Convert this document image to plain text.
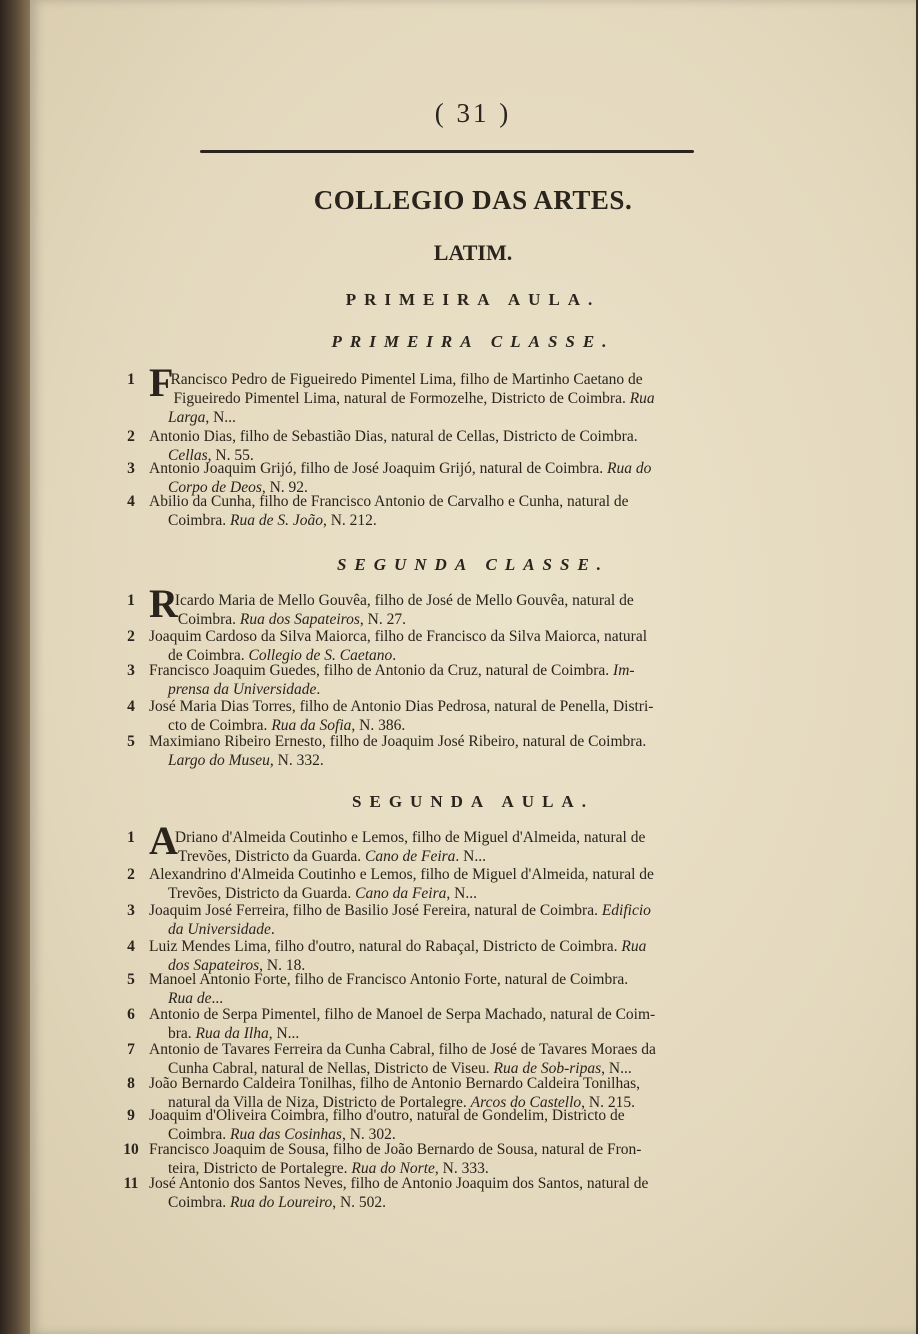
( 31 )
COLLEGIO DAS ARTES.
LATIM.
PRIMEIRA AULA.
PRIMEIRA CLASSE.
1 F
Rancisco Pedro de Figueiredo Pimentel Lima, filho de Martinho Caetano de
Figueiredo Pimentel Lima, natural de Formozelhe, Districto de Coimbra. Rua
Larga, N...
2 Antonio Dias, filho de Sebastião Dias, natural de Cellas, Districto de Coimbra.
Cellas, N. 55.
3 Antonio Joaquim Grijó, filho de José Joaquim Grijó, natural de Coimbra. Rua do
Corpo de Deos, N. 92.
4 Abilio da Cunha, filho de Francisco Antonio de Carvalho e Cunha, natural de
Coimbra. Rua de S. João, N. 212.
SEGUNDA CLASSE.
1 R
Icardo Maria de Mello Gouvêa, filho de José de Mello Gouvêa, natural de
Coimbra. Rua dos Sapateiros, N. 27.
2 Joaquim Cardoso da Silva Maiorca, filho de Francisco da Silva Maiorca, natural
de Coimbra. Collegio de S. Caetano.
3 Francisco Joaquim Guedes, filho de Antonio da Cruz, natural de Coimbra. Im-
prensa da Universidade.
4 José Maria Dias Torres, filho de Antonio Dias Pedrosa, natural de Penella, Distri-
cto de Coimbra. Rua da Sofia, N. 386.
5 Maximiano Ribeiro Ernesto, filho de Joaquim José Ribeiro, natural de Coimbra.
Largo do Museu, N. 332.
SEGUNDA AULA.
1 A
Driano d'Almeida Coutinho e Lemos, filho de Miguel d'Almeida, natural de
Trevões, Districto da Guarda. Cano de Feira. N...
2 Alexandrino d'Almeida Coutinho e Lemos, filho de Miguel d'Almeida, natural de
Trevões, Districto da Guarda. Cano da Feira, N...
3 Joaquim José Ferreira, filho de Basilio José Fereira, natural de Coimbra. Edificio
da Universidade.
4 Luiz Mendes Lima, filho d'outro, natural do Rabaçal, Districto de Coimbra. Rua
dos Sapateiros, N. 18.
5 Manoel Antonio Forte, filho de Francisco Antonio Forte, natural de Coimbra.
Rua de...
6 Antonio de Serpa Pimentel, filho de Manoel de Serpa Machado, natural de Coim-
bra. Rua da Ilha, N...
7 Antonio de Tavares Ferreira da Cunha Cabral, filho de José de Tavares Moraes da
Cunha Cabral, natural de Nellas, Districto de Viseu. Rua de Sob-ripas, N...
8 João Bernardo Caldeira Tonilhas, filho de Antonio Bernardo Caldeira Tonilhas,
natural da Villa de Niza, Districto de Portalegre. Arcos do Castello, N. 215.
9 Joaquim d'Oliveira Coimbra, filho d'outro, natural de Gondelim, Districto de
Coimbra. Rua das Cosinhas, N. 302.
10 Francisco Joaquim de Sousa, filho de João Bernardo de Sousa, natural de Fron-
teira, Districto de Portalegre. Rua do Norte, N. 333.
11 José Antonio dos Santos Neves, filho de Antonio Joaquim dos Santos, natural de
Coimbra. Rua do Loureiro, N. 502.
